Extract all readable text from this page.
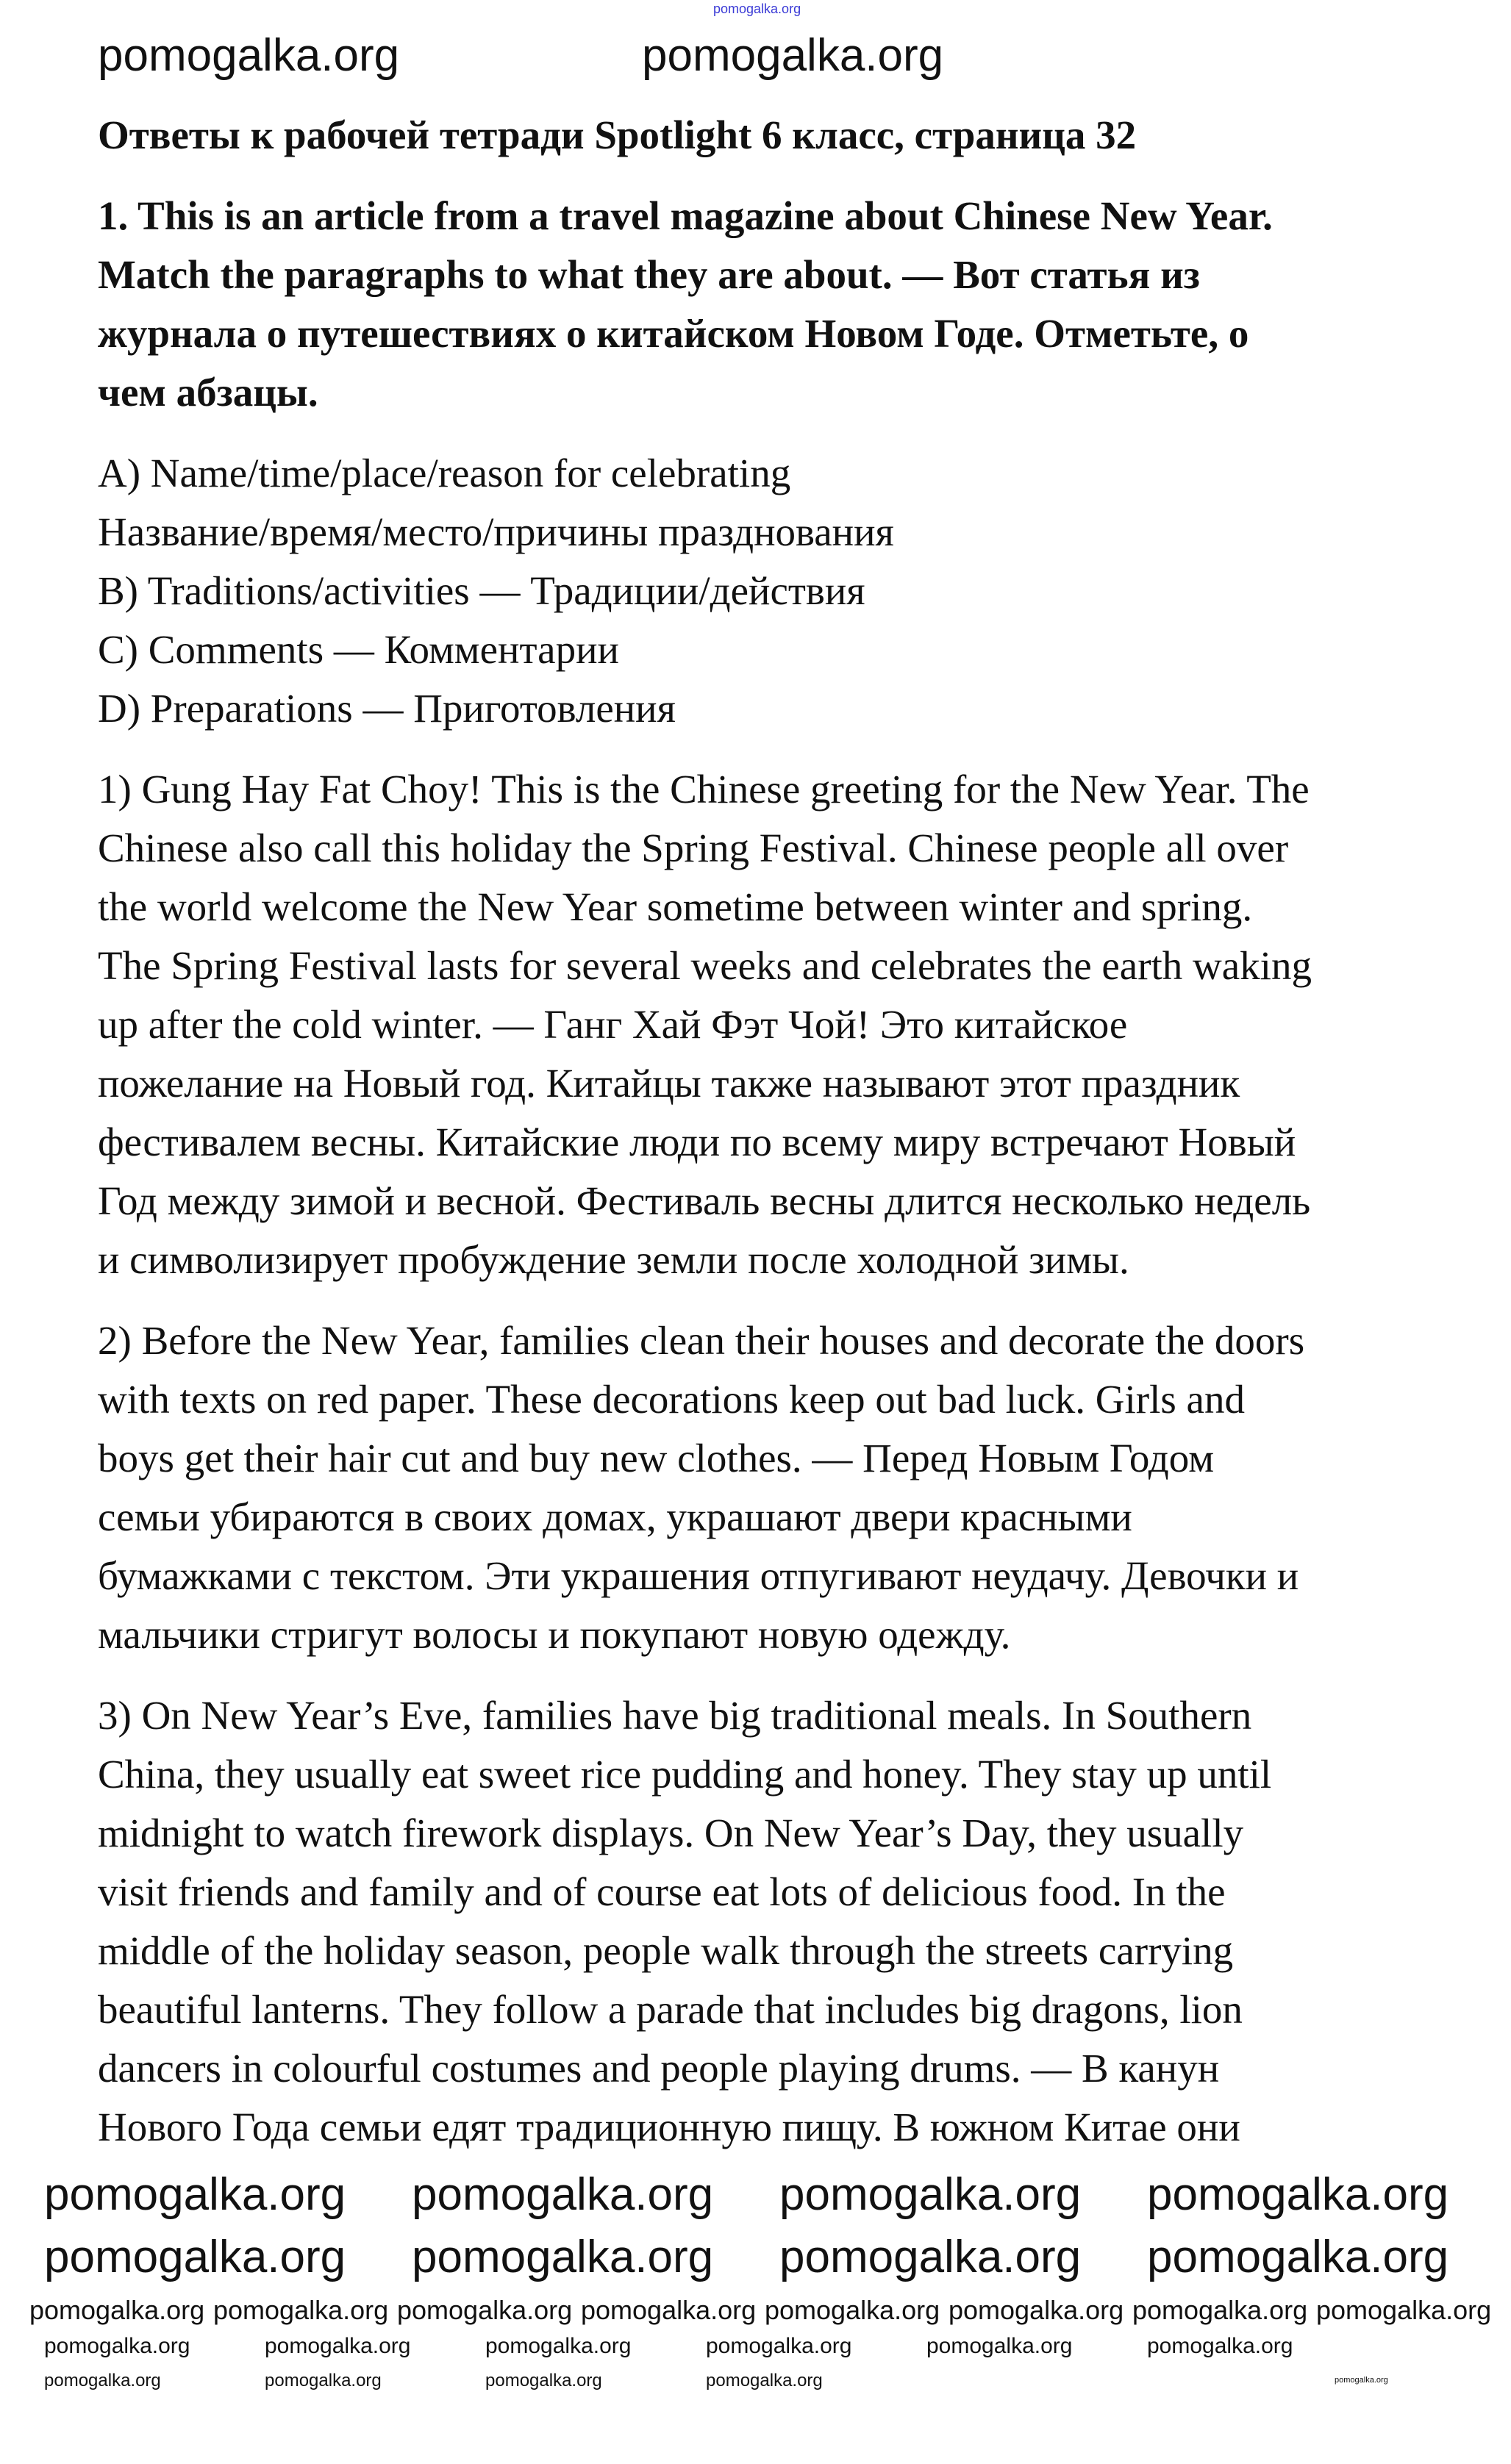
pomogalka.org
pomogalka.org	pomogalka.org
Ответы к рабочей тетради Spotlight 6 класс, страница 32
1. This is an article from a travel magazine about Chinese New Year.
Match the paragraphs to what they are about. — Вот статья из
журнала о путешествиях о китайском Новом Годе. Отметьте, о
чем абзацы.
A) Name/time/place/reason for celebrating
Название/время/место/причины празднования
B) Traditions/activities — Традиции/действия
C) Comments — Комментарии
D) Preparations — Приготовления
1) Gung Hay Fat Choy! This is the Chinese greeting for the New Year. The
Chinese also call this holiday the Spring Festival. Chinese people all over
the world welcome the New Year sometime between winter and spring.
The Spring Festival lasts for several weeks and celebrates the earth waking
up after the cold winter. — Ганг Хай Фэт Чой! Это китайское
пожелание на Новый год. Китайцы также называют этот праздник
фестивалем весны. Китайские люди по всему миру встречают Новый
Год между зимой и весной. Фестиваль весны длится несколько недель
и символизирует пробуждение земли после холодной зимы.
2) Before the New Year, families clean their houses and decorate the doors
with texts on red paper. These decorations keep out bad luck. Girls and
boys get their hair cut and buy new clothes. — Перед Новым Годом
семьи убираются в своих домах, украшают двери красными
бумажками с текстом. Эти украшения отпугивают неудачу. Девочки и
мальчики стригут волосы и покупают новую одежду.
3) On New Year’s Eve, families have big traditional meals. In Southern
China, they usually eat sweet rice pudding and honey. They stay up until
midnight to watch firework displays. On New Year’s Day, they usually
visit friends and family and of course eat lots of delicious food. In the
middle of the holiday season, people walk through the streets carrying
beautiful lanterns. They follow a parade that includes big dragons, lion
dancers in colourful costumes and people playing drums. — В канун
Нового Года семьи едят традиционную пищу. В южном Китае они
pomogalka.org pomogalka.org pomogalka.org pomogalka.org
pomogalka.org pomogalka.org pomogalka.org pomogalka.org
pomogalka.org pomogalka.org pomogalka.org pomogalka.org pomogalka.org pomogalka.org pomogalka.org pomogalka.org
pomogalka.org	pomogalka.org	pomogalka.org	pomogalka.org	pomogalka.org	pomogalka.org
pomogalka.org	pomogalka.org	pomogalka.org	pomogalka.org	pomogalka.org
